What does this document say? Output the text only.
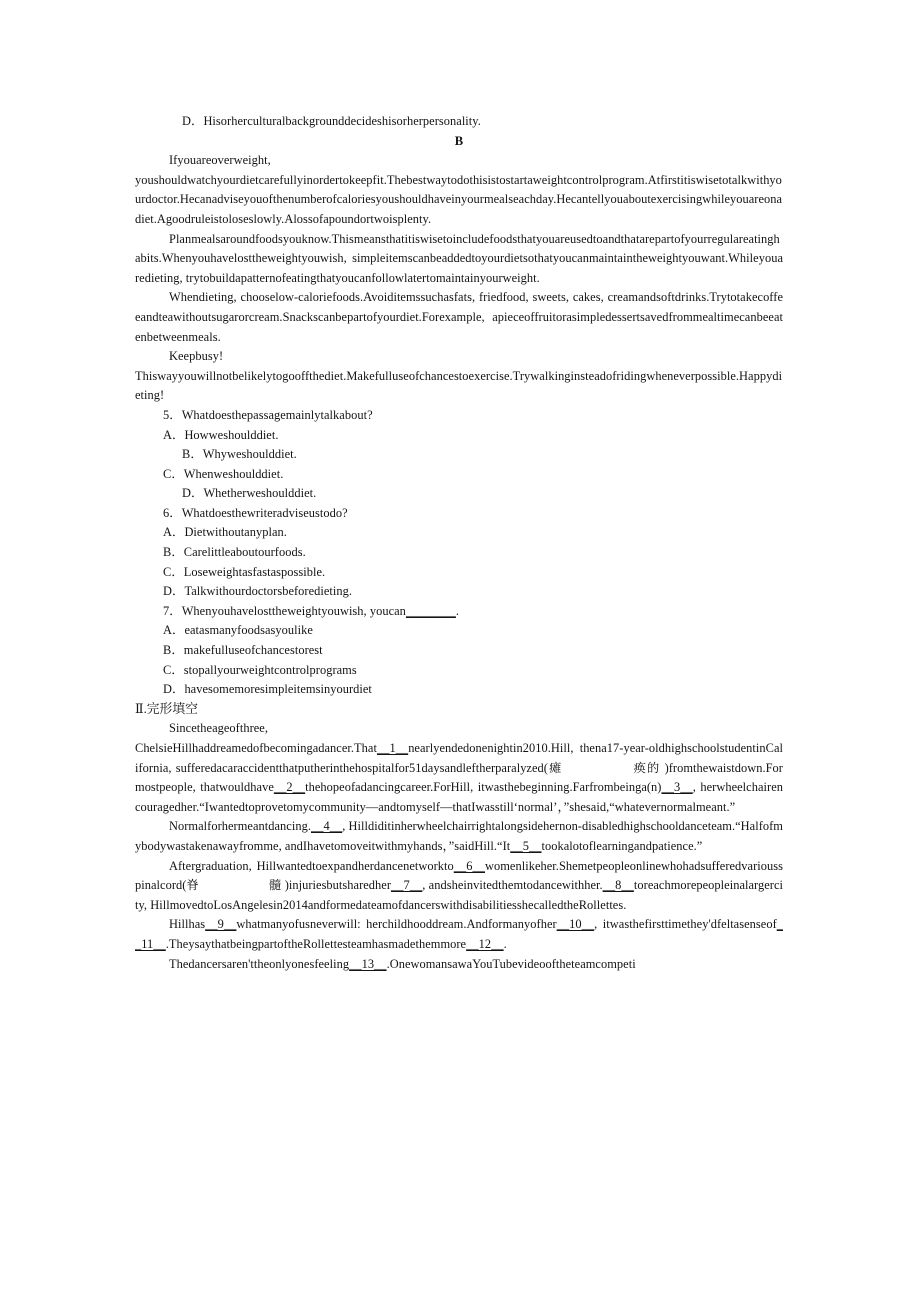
D．Hisorherculturalbackgrounddecideshisorherpersonality.
B
Ifyouareoverweight,
youshouldwatchyourdietcarefullyinordertokeepfit.Thebestwaytodothisistostartaweightcontrolprogram.Atfirstitiswisetotalkwithyourdoctor.Hecanadviseyouofthenumberofcaloriesyoushouldhaveinyourmealseachday.Hecantellyouaboutexercisingwhileyouareonadiet.Agoodruleistoloseslowly.Alossofapoundortwoisplenty.
Planmealsaroundfoodsyouknow.Thismeansthatitiswisetoincludefoodsthatyouareusedtoandthatarepartofyourregulareatinghabits.Whenyouhavelosttheweightyouwish, simpleitemscanbeaddedtoyourdietsothatyoucanmaintaintheweightyouwant.Whileyouaredieting, trytobuildapatternofeatingthatyoucanfollowlatertomaintainyourweight.
Whendieting, chooselow-caloriefoods.Avoiditemssuchasfats, friedfood, sweets, cakes, creamandsoftdrinks.Trytotakecoffeeandteawithoutsugarorcream.Snackscanbepartofyourdiet.Forexample, apieceoffruitorasimpledessertsavedfrommealtimecanbeeatenbetweenmeals.
Keepbusy!
Thiswayyouwillnotbelikelytogooffthediet.Makefulluseofchancestoexercise.Trywalkinginsteadofridingwheneverpossible.Happydieting!
5．Whatdoesthepassagemainlytalkabout?
A．Howweshoulddiet.
B．Whyweshoulddiet.
C．Whenweshoulddiet.
D．Whetherweshoulddiet.
6．Whatdoesthewriteradviseustodo?
A．Dietwithoutanyplan.
B．Carelittleaboutourfoods.
C．Loseweightasfastaspossible.
D．Talkwithourdoctorsbeforedieting.
7．Whenyouhavelosttheweightyouwish, youcan________.
A．eatasmanyfoodsasyoulike
B．makefulluseofchancestorest
C．stopallyourweightcontrolprograms
D．havesomemoresimpleitemsinyourdiet
Ⅱ.完形填空
Sincetheageofthree,
ChelsieHillhaddreamedofbecomingadancer.That__1__nearlyendedonenightin2010.Hill, thena17-year-oldhighschoolstudentinCalifornia, sufferedacaraccidentthatputherinthehospitalfor51daysandleftherparalyzed(瘫	痪的 )fromthewaistdown.Formostpeople, thatwouldhave__2__thehopeofadancingcareer.ForHill, itwasthebeginning.Farfrombeinga(n)__3__, herwheelchairencouragedher.“Iwantedtoprovetomycommunity—andtomyself—thatIwasstill‘normal’，”shesaid,“whatevernormalmeant.”
Normalforhermeantdancing.__4__, Hilldiditinherwheelchairrightalongsidehernon-disabledhighschooldanceteam.“Halfofmybodywastakenawayfromme, andIhavetomoveitwithmyhands，”saidHill.“It__5__tookalotoflearningandpatience.”
Aftergraduation, Hillwantedtoexpandherdancenetworkto__6__womenlikeher.Shemetpeopleonlinewhohadsufferedvariousspinalcord(脊	髓 )injuriesbutsharedher__7__, andsheinvitedthemtodancewithher.__8__toreachmorepeopleinalargercity, HillmovedtoLosAngelesin2014andformedateamofdancerswithdisabilitiesshecalledtheRollettes.
Hillhas__9__whatmanyofusneverwill: herchildhooddream.Andformanyofher__10__, itwasthefirsttimethey'dfeltasenseof__11__.TheysaythatbeingpartoftheRollettesteamhasmadethemmore__12__.
Thedancersaren'ttheonlyonesfeeling__13__.OnewomansawaYouTubevideooftheteamcompeti
